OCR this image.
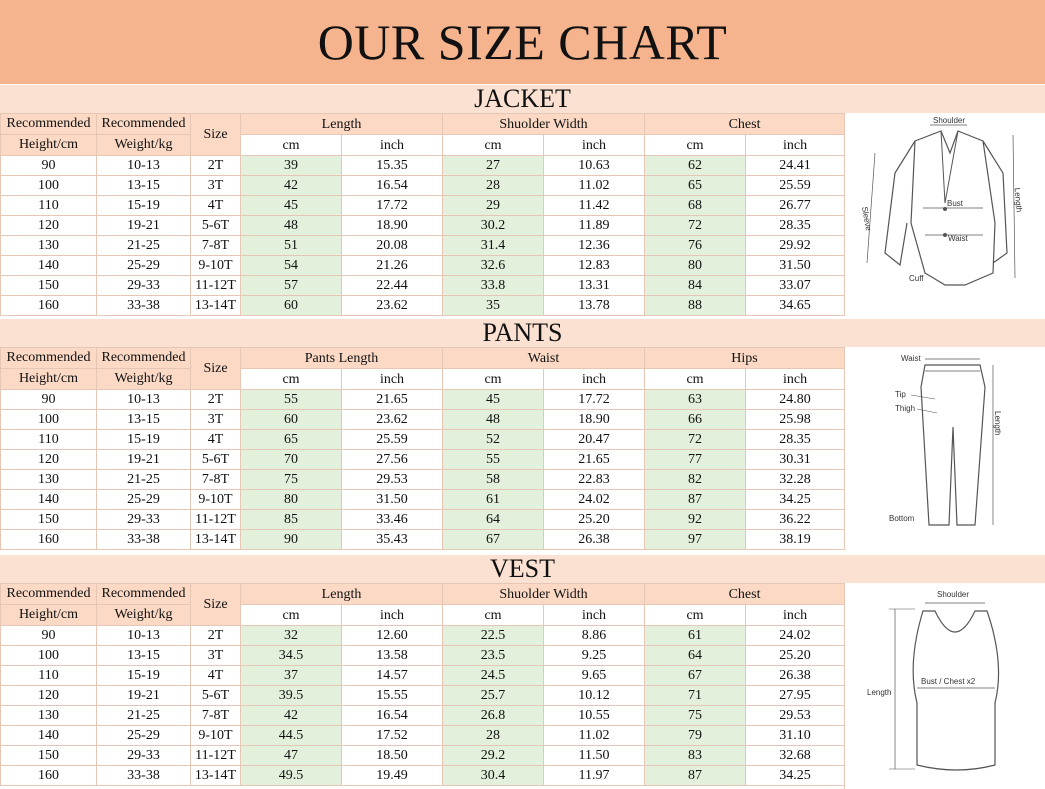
OUR SIZE CHART
JACKET
Recommended	Recommended	Size	Length		Shuolder Width		Chest	
Height/cm	Weight/kg		cm	inch	cm	inch	cm	inch
90	10-13	2T	39	15.35	27	10.63	62	24.41
100	13-15	3T	42	16.54	28	11.02	65	25.59
110	15-19	4T	45	17.72	29	11.42	68	26.77
120	19-21	5-6T	48	18.90	30.2	11.89	72	28.35
130	21-25	7-8T	51	20.08	31.4	12.36	76	29.92
140	25-29	9-10T	54	21.26	32.6	12.83	80	31.50
150	29-33	11-12T	57	22.44	33.8	13.31	84	33.07
160	33-38	13-14T	60	23.62	35	13.78	88	34.65
Shoulder
Bust
Waist
Sleeve
Length
Cuff
PANTS
Recommended	Recommended	Size	Pants Length		Waist		Hips	
Height/cm	Weight/kg		cm	inch	cm	inch	cm	inch
90	10-13	2T	55	21.65	45	17.72	63	24.80
100	13-15	3T	60	23.62	48	18.90	66	25.98
110	15-19	4T	65	25.59	52	20.47	72	28.35
120	19-21	5-6T	70	27.56	55	21.65	77	30.31
130	21-25	7-8T	75	29.53	58	22.83	82	32.28
140	25-29	9-10T	80	31.50	61	24.02	87	34.25
150	29-33	11-12T	85	33.46	64	25.20	92	36.22
160	33-38	13-14T	90	35.43	67	26.38	97	38.19
Waist
Tip
Thigh
Length
Bottom
VEST
Recommended	Recommended	Size	Length		Shuolder Width		Chest	
Height/cm	Weight/kg		cm	inch	cm	inch	cm	inch
90	10-13	2T	32	12.60	22.5	8.86	61	24.02
100	13-15	3T	34.5	13.58	23.5	9.25	64	25.20
110	15-19	4T	37	14.57	24.5	9.65	67	26.38
120	19-21	5-6T	39.5	15.55	25.7	10.12	71	27.95
130	21-25	7-8T	42	16.54	26.8	10.55	75	29.53
140	25-29	9-10T	44.5	17.52	28	11.02	79	31.10
150	29-33	11-12T	47	18.50	29.2	11.50	83	32.68
160	33-38	13-14T	49.5	19.49	30.4	11.97	87	34.25
Shoulder
Bust / Chest x2
Length
